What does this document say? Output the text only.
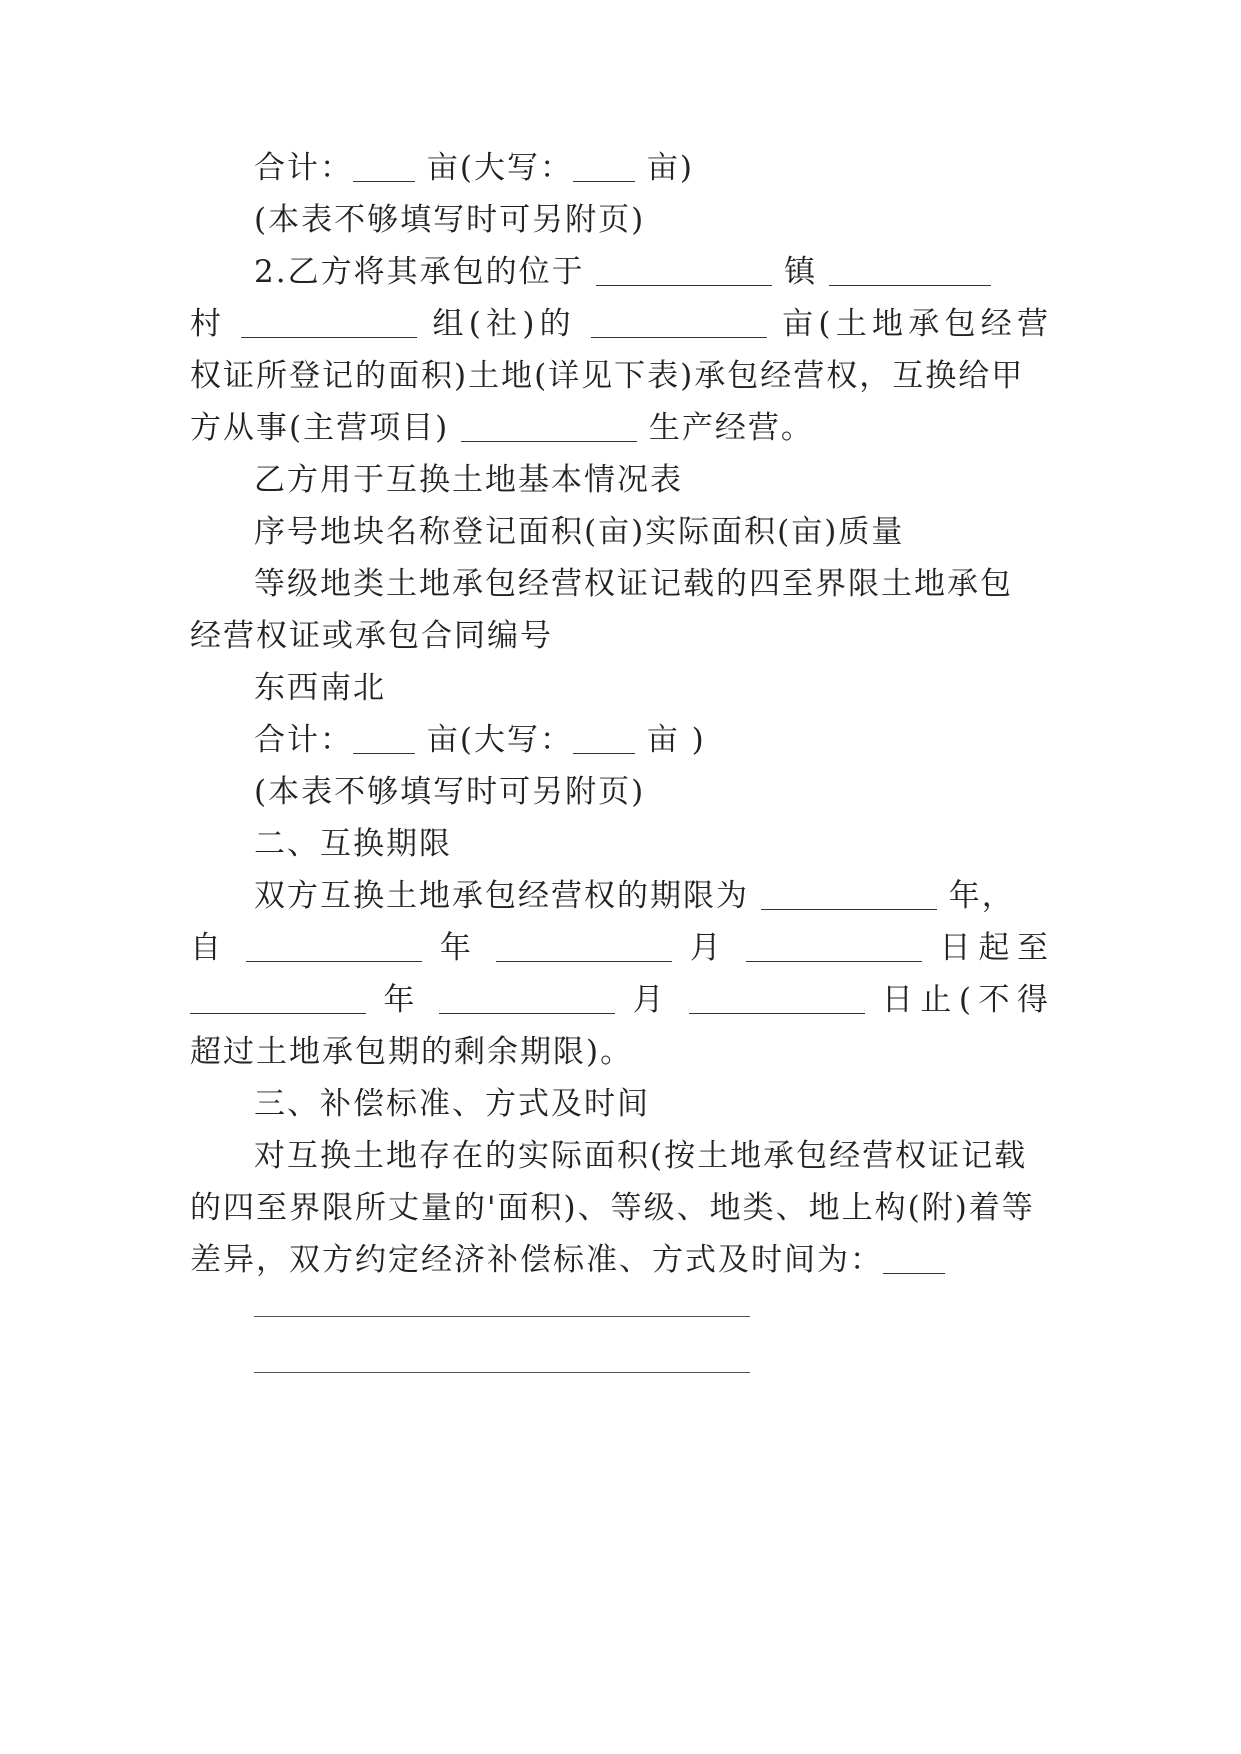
合计： 亩(大写： 亩)
(本表不够填写时可另附页)
2.乙方将其承包的位于	镇
村	组(社)的	亩(土地承包经营
权证所登记的面积)土地(详见下表)承包经营权，互换给甲
方从事(主营项目)	生产经营。
乙方用于互换土地基本情况表
序号地块名称登记面积(亩)实际面积(亩)质量
等级地类土地承包经营权证记载的四至界限土地承包
经营权证或承包合同编号
东西南北
合计： 亩(大写： 亩 )
(本表不够填写时可另附页)
二、互换期限
双方互换土地承包经营权的期限为	年，
自	年	月	日起至
年	月	日止(不得
超过土地承包期的剩余期限)。
三、补偿标准、方式及时间
对互换土地存在的实际面积(按土地承包经营权证记载
的四至界限所丈量的'面积)、等级、地类、地上构(附)着等
差异，双方约定经济补偿标准、方式及时间为：
